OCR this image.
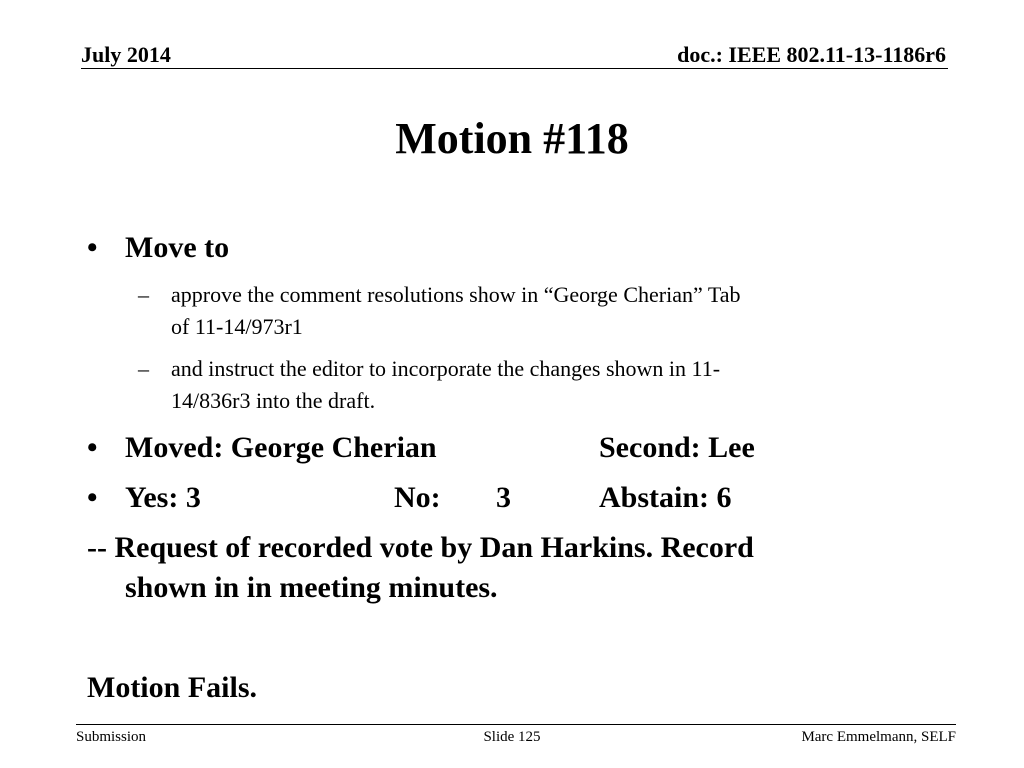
July 2014	doc.: IEEE 802.11-13-1186r6
Motion #118
• Move to
– approve the comment resolutions show in “George Cherian” Tab
of 11-14/973r1
– and instruct the editor to incorporate the changes shown in 11-
14/836r3 into the draft.
• Moved: George Cherian	Second: Lee
• Yes: 3	No: 3	Abstain: 6
-- Request of recorded vote by Dan Harkins. Record
shown in in meeting minutes.
Motion Fails.
Submission	Slide 125	Marc Emmelmann, SELF
